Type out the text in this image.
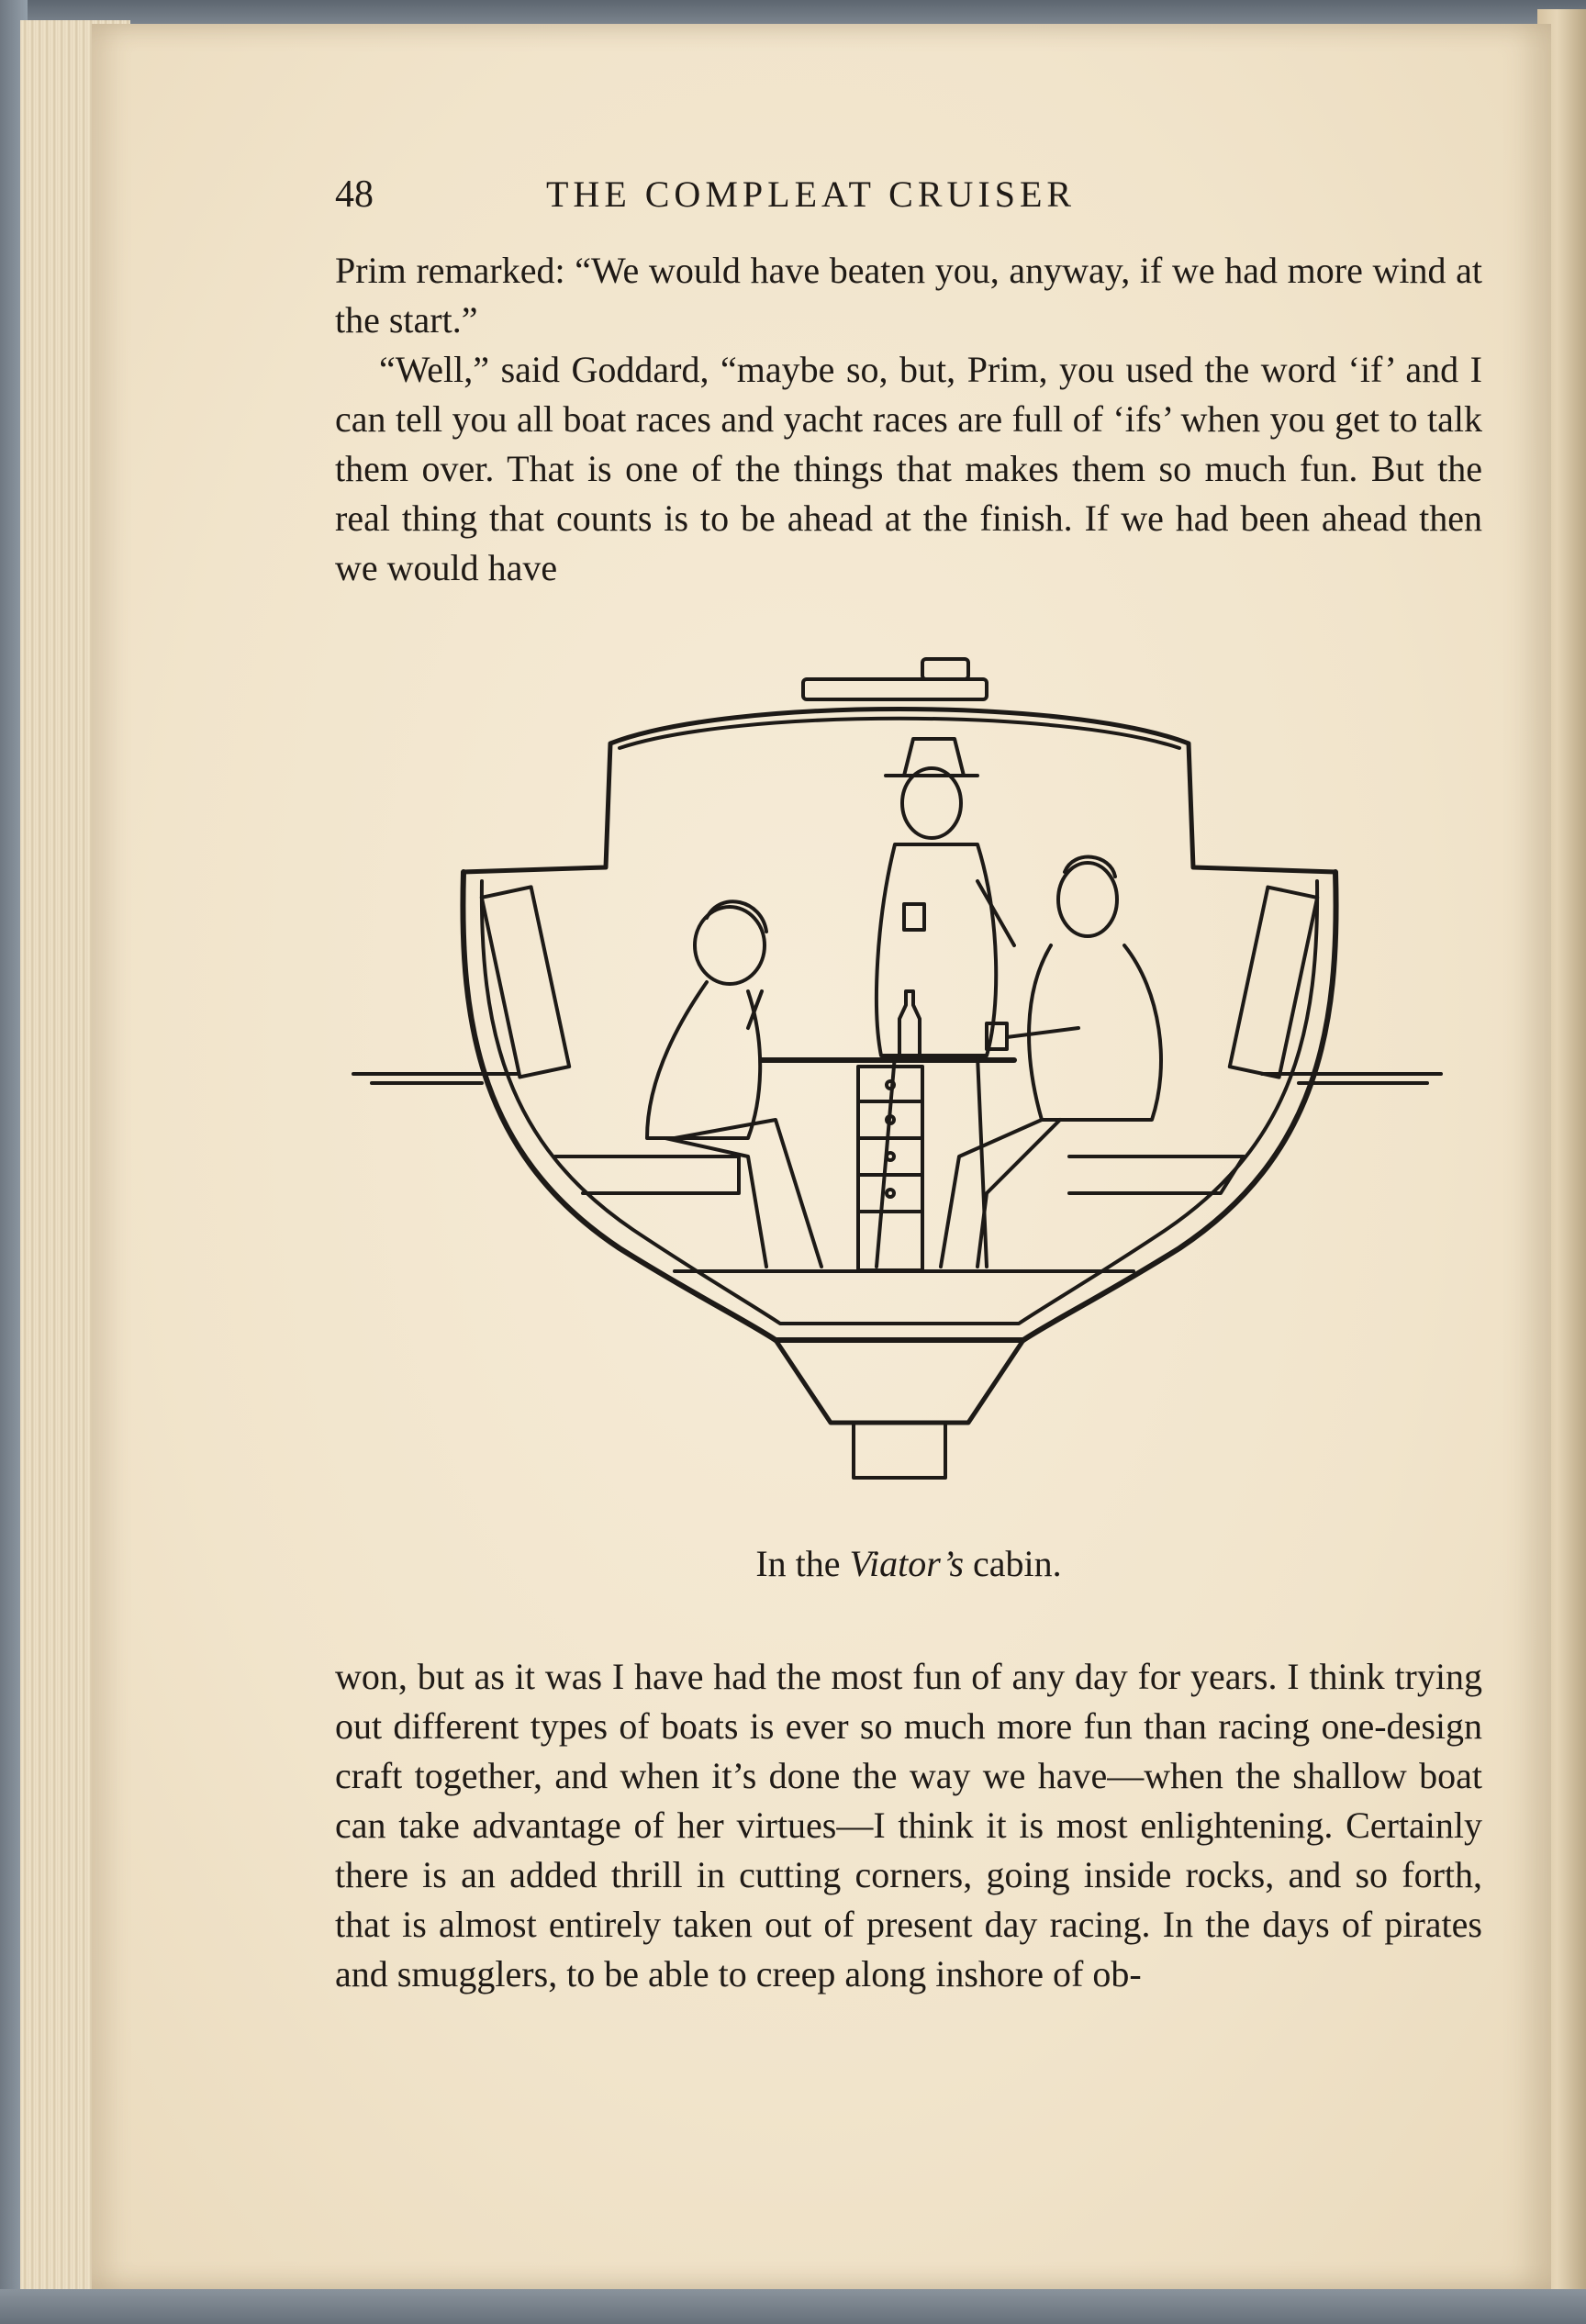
48	THE COMPLEAT CRUISER

Prim remarked: “We would have beaten you, anyway, if we had more wind at the start.”

“Well,” said Goddard, “maybe so, but, Prim, you used the word ‘if’ and I can tell you all boat races and yacht races are full of ‘ifs’ when you get to talk them over. That is one of the things that makes them so much fun. But the real thing that counts is to be ahead at the finish. If we had been ahead then we would have

In the Viator’s cabin.

won, but as it was I have had the most fun of any day for years. I think trying out different types of boats is ever so much more fun than racing one-design craft together, and when it’s done the way we have—when the shallow boat can take advantage of her virtues—I think it is most enlightening. Certainly there is an added thrill in cutting corners, going inside rocks, and so forth, that is almost entirely taken out of present day racing. In the days of pirates and smugglers, to be able to creep along inshore of ob-
